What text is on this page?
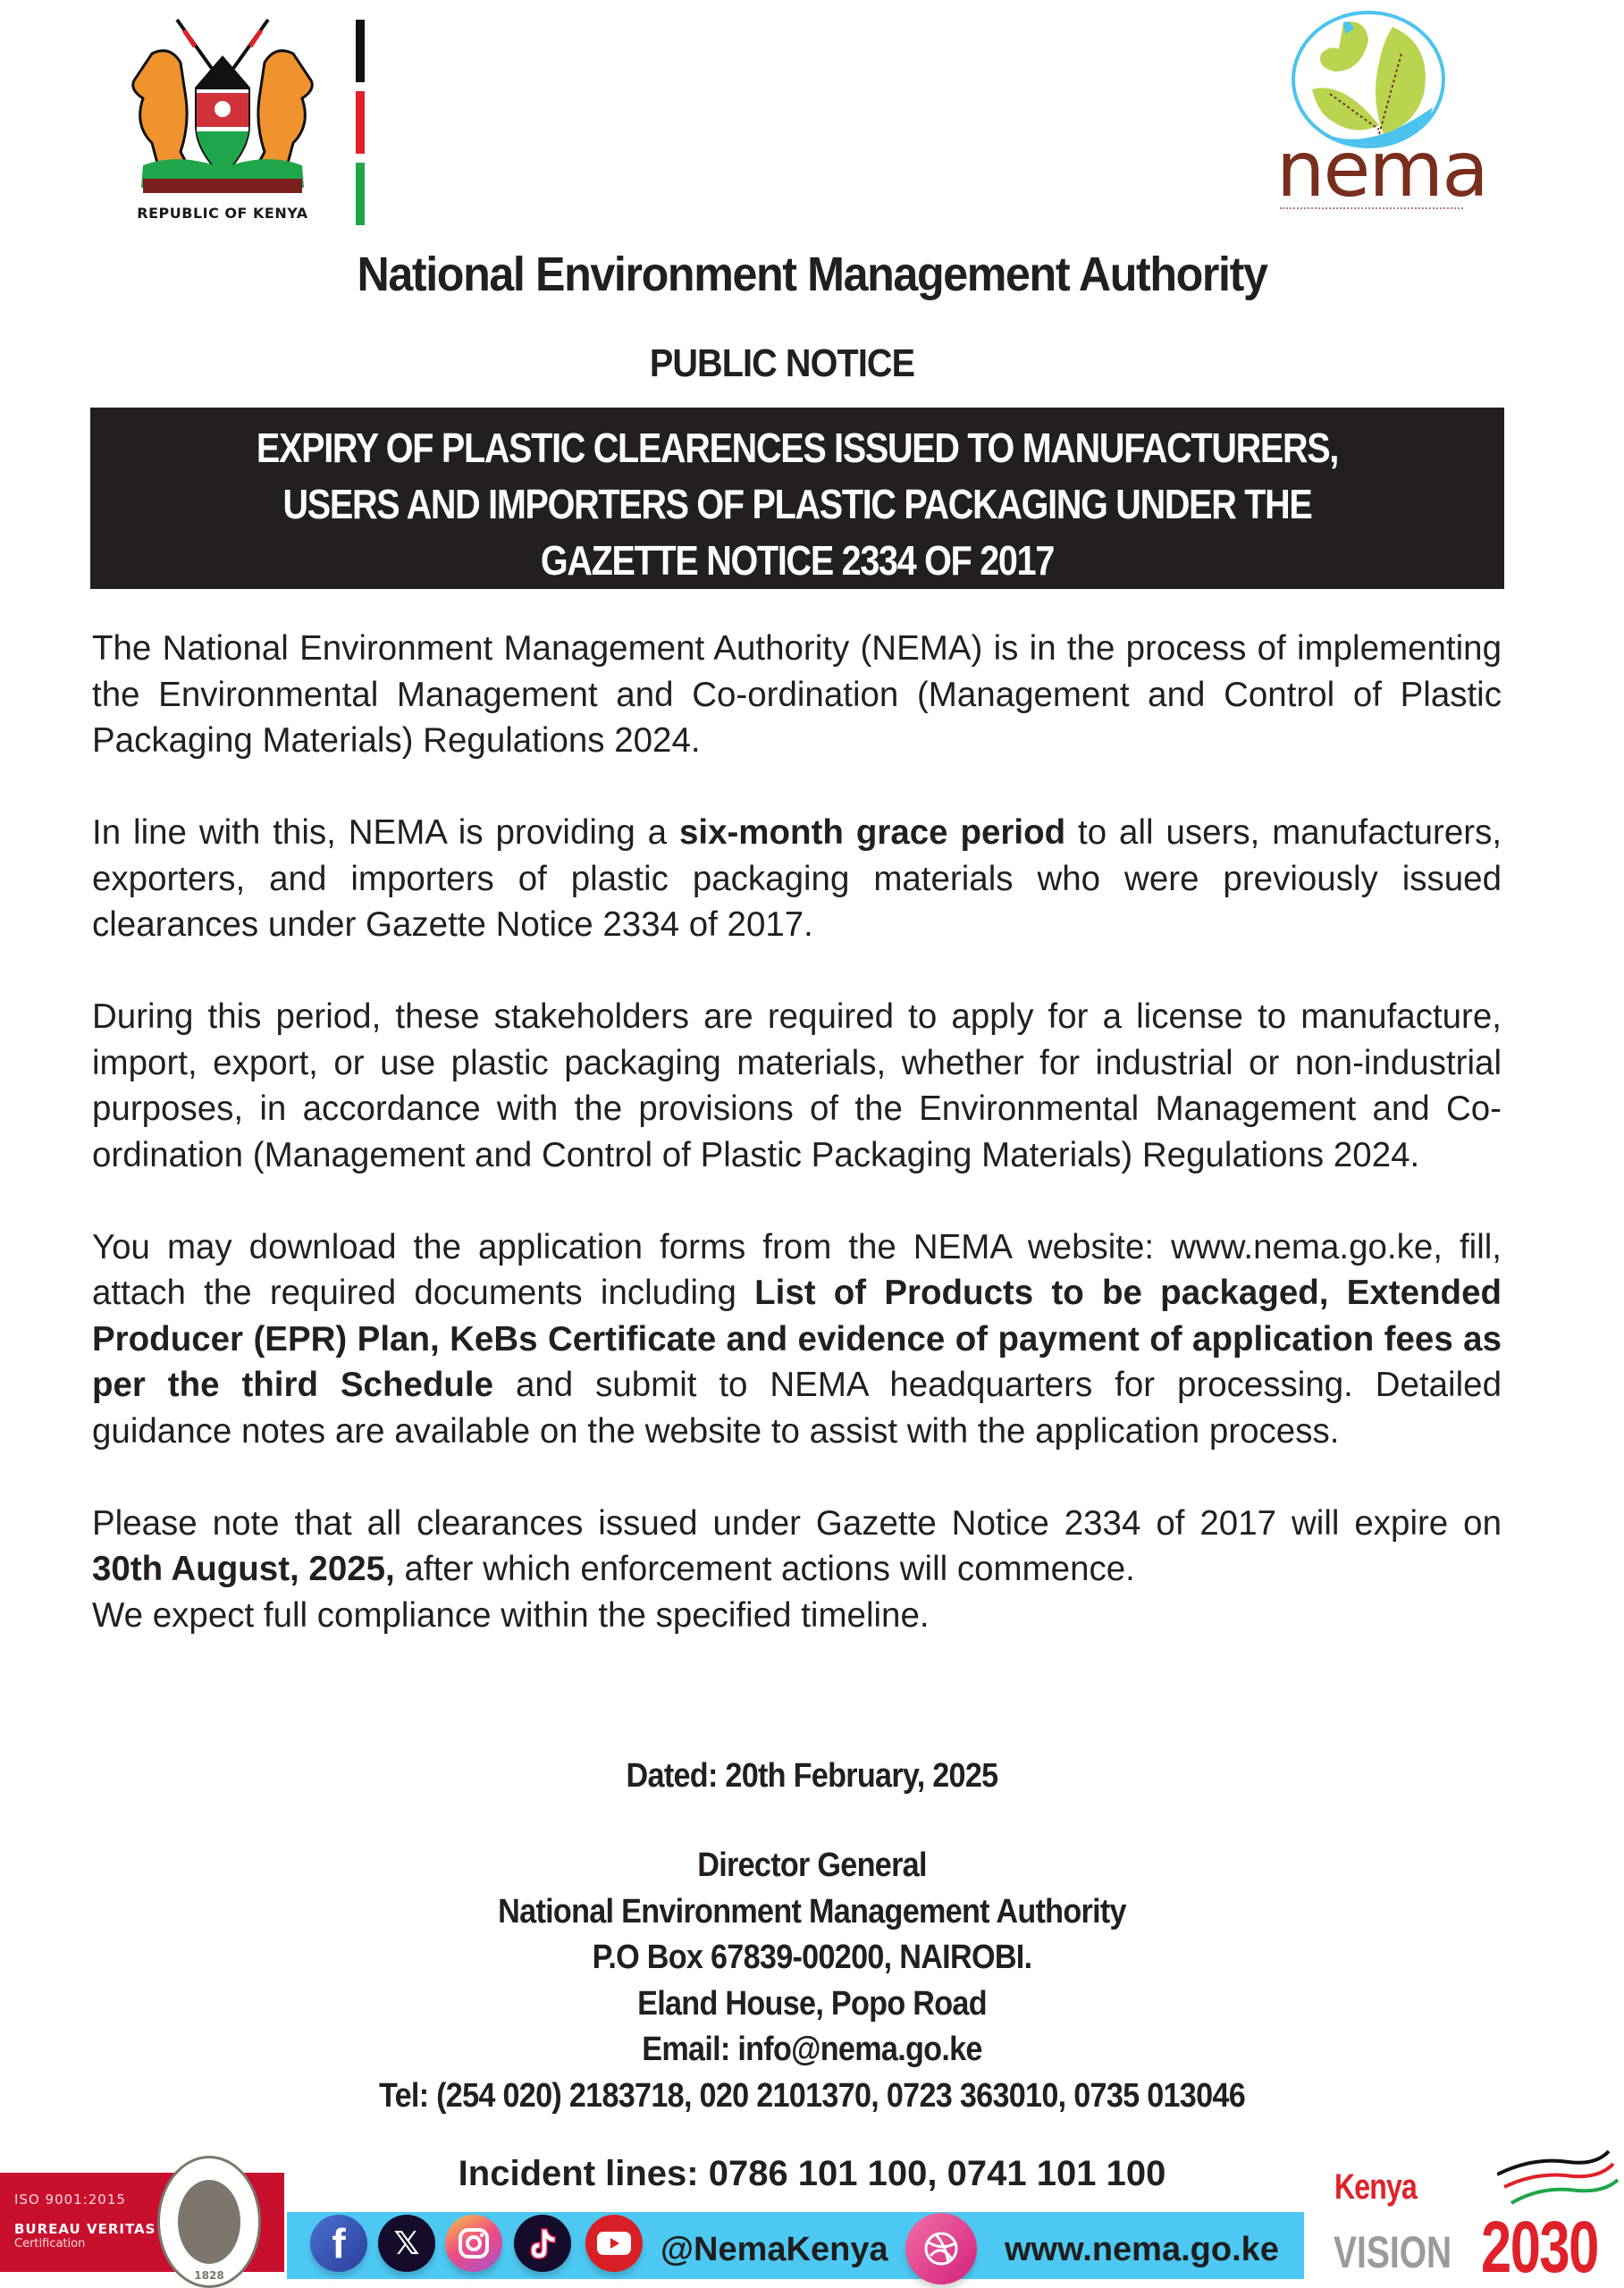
REPUBLIC OF KENYA	nema
National Environment Management Authority
PUBLIC NOTICE
EXPIRY OF PLASTIC CLEARENCES ISSUED TO MANUFACTURERS,
USERS AND IMPORTERS OF PLASTIC PACKAGING UNDER THE
GAZETTE NOTICE 2334 OF 2017

The National Environment Management Authority (NEMA) is in the process of implementing the Environmental Management and Co-ordination (Management and Control of Plastic Packaging Materials) Regulations 2024.

In line with this, NEMA is providing a six-month grace period to all users, manufacturers, exporters, and importers of plastic packaging materials who were previously issued clearances under Gazette Notice 2334 of 2017.

During this period, these stakeholders are required to apply for a license to manufacture, import, export, or use plastic packaging materials, whether for industrial or non-industrial purposes, in accordance with the provisions of the Environmental Management and Co-ordination (Management and Control of Plastic Packaging Materials) Regulations 2024.

You may download the application forms from the NEMA website: www.nema.go.ke, fill, attach the required documents including List of Products to be packaged, Extended Producer (EPR) Plan, KeBs Certificate and evidence of payment of application fees as per the third Schedule and submit to NEMA headquarters for processing. Detailed guidance notes are available on the website to assist with the application process.

Please note that all clearances issued under Gazette Notice 2334 of 2017 will expire on 30th August, 2025, after which enforcement actions will commence.
We expect full compliance within the specified timeline.

Dated: 20th February, 2025
Director General
National Environment Management Authority
P.O Box 67839-00200, NAIROBI.
Eland House, Popo Road
Email: info@nema.go.ke
Tel: (254 020) 2183718, 020 2101370, 0723 363010, 0735 013046
Incident lines: 0786 101 100, 0741 101 100
ISO 9001:2015
BUREAU VERITAS
Certification
1828
f	𝕏	@NemaKenya	www.nema.go.ke
Kenya
VISION 2030
